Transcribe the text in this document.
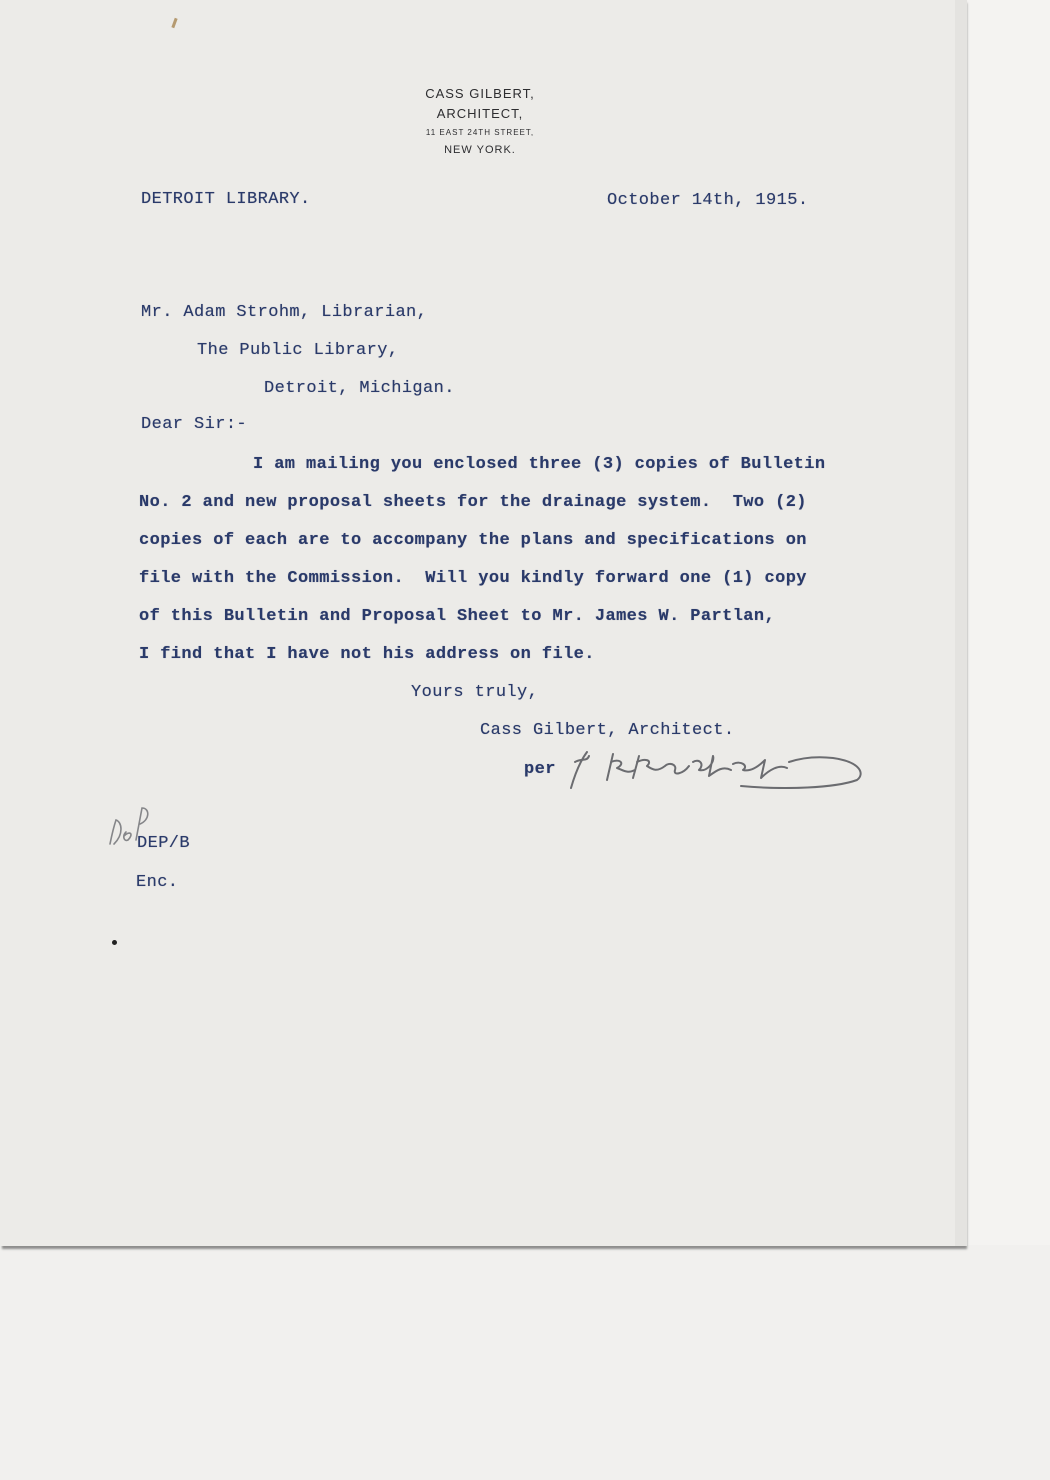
CASS GILBERT,
ARCHITECT,
11 EAST 24TH STREET,
NEW YORK.
DETROIT LIBRARY.	October 14th, 1915.
Mr. Adam Strohm, Librarian,
The Public Library,
Detroit, Michigan.
Dear Sir:-
I am mailing you enclosed three (3) copies of Bulletin
No. 2 and new proposal sheets for the drainage system.  Two (2)
copies of each are to accompany the plans and specifications on
file with the Commission.  Will you kindly forward one (1) copy
of this Bulletin and Proposal Sheet to Mr. James W. Partlan,
I find that I have not his address on file.
Yours truly,
Cass Gilbert, Architect.
per
DEP/B
Enc.
